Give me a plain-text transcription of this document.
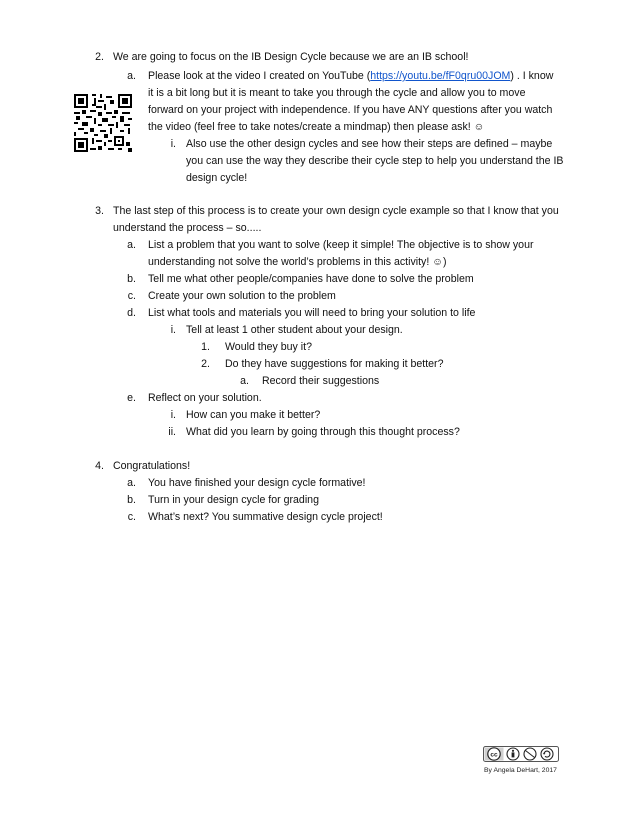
2. We are going to focus on the IB Design Cycle because we are an IB school!
a. Please look at the video I created on YouTube (https://youtu.be/fF0qru00JOM) . I know
it is a bit long but it is meant to take you through the cycle and allow you to move
forward on your project with independence. If you have ANY questions after you watch
the video (feel free to take notes/create a mindmap) then please ask! ☺
i. Also use the other design cycles and see how their steps are defined – maybe
you can use the way they describe their cycle step to help you understand the IB
design cycle!
3. The last step of this process is to create your own design cycle example so that I know that you
understand the process – so.....
a. List a problem that you want to solve (keep it simple! The objective is to show your
understanding not solve the world’s problems in this activity! ☺)
b. Tell me what other people/companies have done to solve the problem
c. Create your own solution to the problem
d. List what tools and materials you will need to bring your solution to life
i. Tell at least 1 other student about your design.
1. Would they buy it?
2. Do they have suggestions for making it better?
a. Record their suggestions
e. Reflect on your solution.
i. How can you make it better?
ii. What did you learn by going through this thought process?
4. Congratulations!
a. You have finished your design cycle formative!
b. Turn in your design cycle for grading
c. What’s next? You summative design cycle project!
cc
By Angela DeHart, 2017
